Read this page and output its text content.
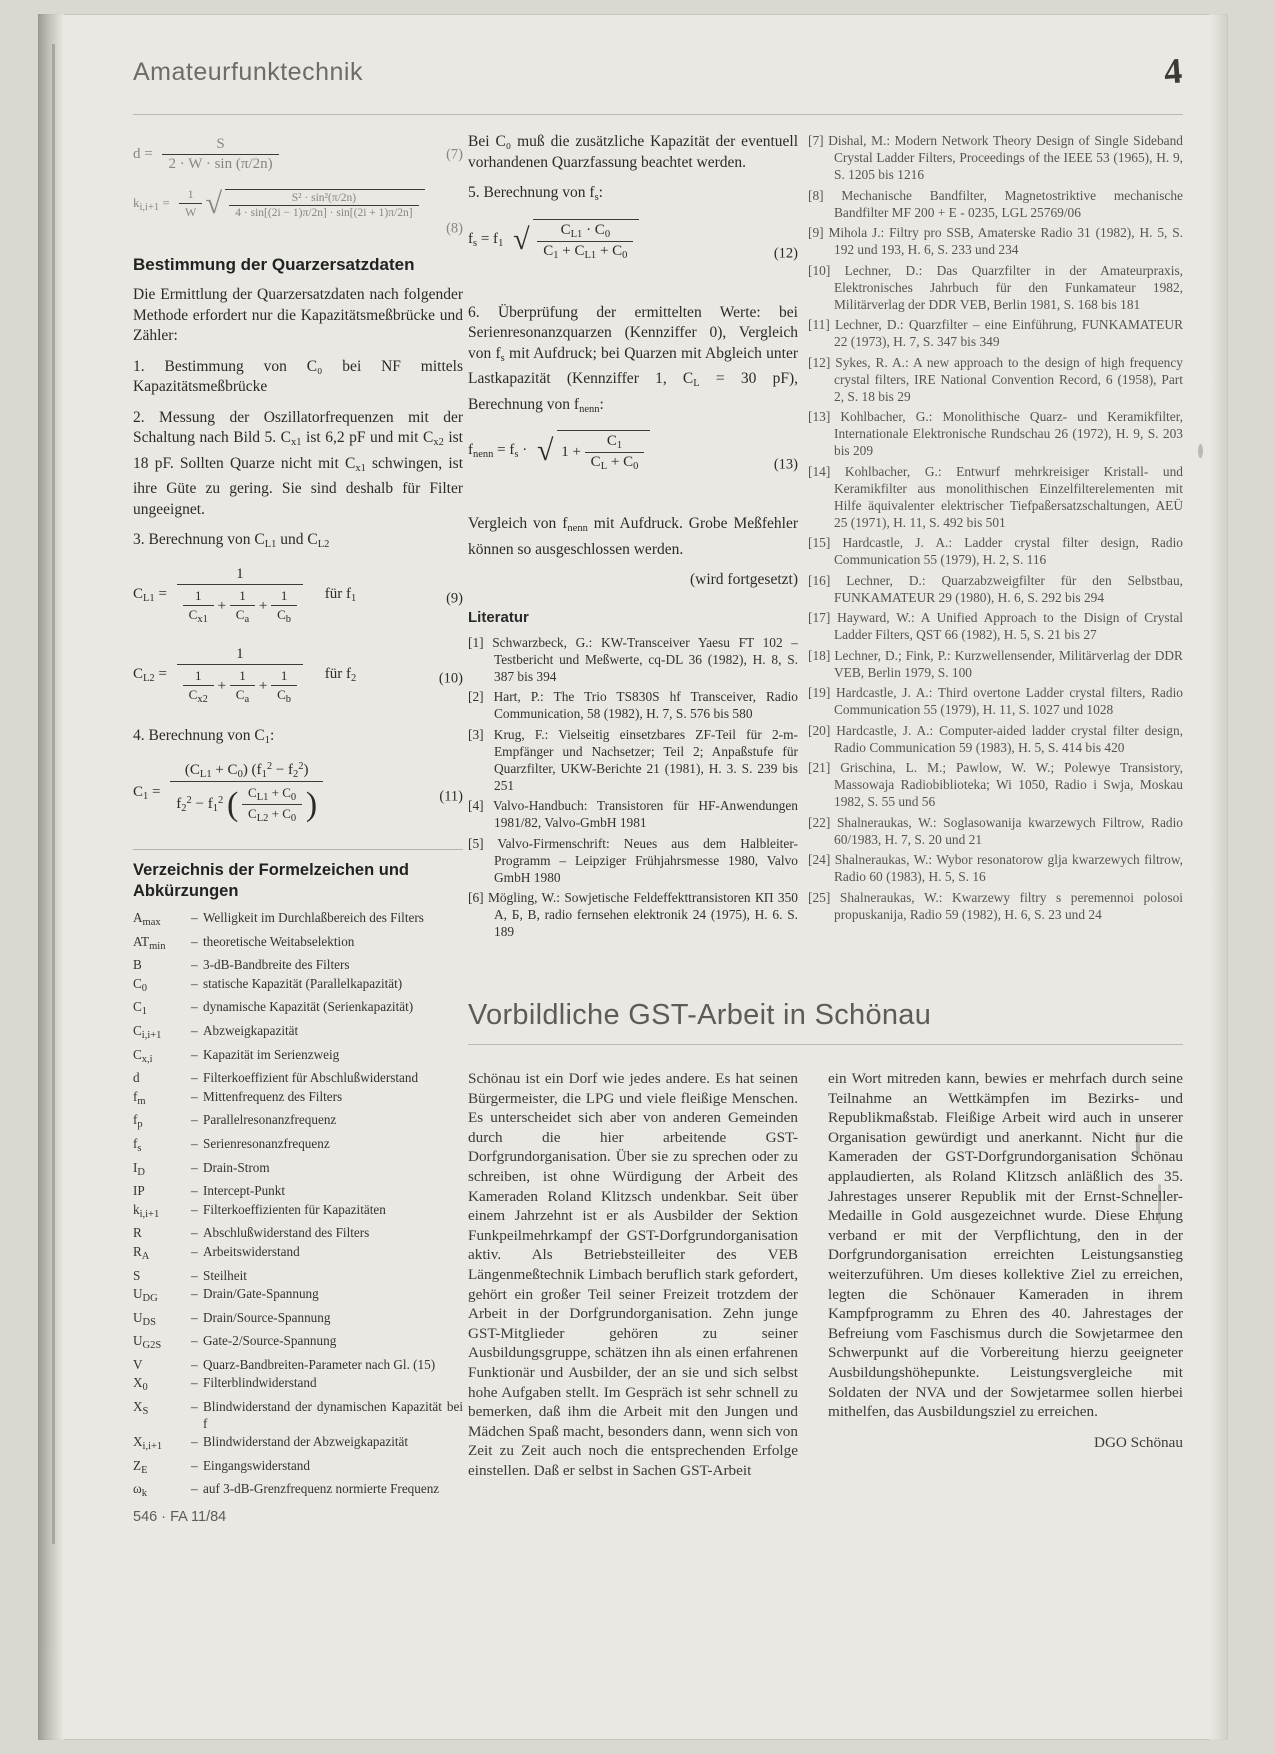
Amateurfunktechnik	4
$d = \frac{S}{2 \cdot W \cdot \sin (\pi/2n)}$	(7)
$k_{i,i+1} = \frac{1}{W}$ √ $\frac{\text{S² · sin²(π/2n)}}{4 \cdot \sin[(2i - 1)\pi/2n] \cdot \sin[(2i + 1)\pi/2n]}$
(8)
Bestimmung der Quarzersatzdaten

Die Ermittlung der Quarzersatzdaten nach folgender Methode erfordert nur die Kapazitätsmeßbrücke und Zähler:

1. Bestimmung von C₀ bei NF mittels Kapazitätsmeßbrücke

2. Messung der Oszillatorfrequenzen mit der Schaltung nach Bild 5. $C_{x1}$ ist 6,2 pF und mit $C_{x2}$ ist 18 pF. Sollten Quarze nicht mit $C_{x1}$ schwingen, ist ihre Güte zu gering. Sie sind deshalb für Filter ungeeignet.

3. Berechnung von $C_{L1}$ und $C_{L2}$

$C_{L1} = \frac{1}{\frac{1}{C_{x1}} + \frac{1}{C_a} + \frac{1}{C_b}}$ für $f_1$	(9)
$C_{L2} = \frac{1}{\frac{1}{C_{x2}} + \frac{1}{C_a} + \frac{1}{C_b}}$ für $f_2$	(10)

4. Berechnung von $C_1$:

$C_1 = \frac{(C_{L1} + C_0) (f_1^2 - f_2^2)}{f_2^2 - f_1^2 ( \frac{C_{L1} + C_0}{C_{L2} + C_0} )}$	(11)
Verzeichnis der Formelzeichen und Abkürzungen
$A_{max}$	–	Welligkeit im Durchlaßbereich des Filters
$AT_{min}$	–	theoretische Weitabselektion
B	–	3-dB-Bandbreite des Filters
$C_0$	–	statische Kapazität (Parallelkapazität)
$C_1$	–	dynamische Kapazität (Serienkapazität)
$C_{i,i+1}$	–	Abzweigkapazität
$C_{x,i}$	–	Kapazität im Serienzweig
d	–	Filterkoeffizient für Abschlußwiderstand
$f_m$	–	Mittenfrequenz des Filters
$f_p$	–	Parallelresonanzfrequenz
$f_s$	–	Serienresonanzfrequenz
$I_D$	–	Drain-Strom
IP	–	Intercept-Punkt
$k_{i,i+1}$	–	Filterkoeffizienten für Kapazitäten
R	–	Abschlußwiderstand des Filters
$R_A$	–	Arbeitswiderstand
S	–	Steilheit
$U_{DG}$	–	Drain/Gate-Spannung
$U_{DS}$	–	Drain/Source-Spannung
$U_{G2S}$	–	Gate-2/Source-Spannung
V	–	Quarz-Bandbreiten-Parameter nach Gl. (15)
$X_0$	–	Filterblindwiderstand
$X_S$	–	Blindwiderstand der dynamischen Kapazität bei f
$X_{i,i+1}$	–	Blindwiderstand der Abzweigkapazität
$Z_E$	–	Eingangswiderstand
$\omega_k$	–	auf 3-dB-Grenzfrequenz normierte Frequenz

Bei C₀ muß die zusätzliche Kapazität der eventuell vorhandenen Quarzfassung beachtet werden.

5. Berechnung von $f_s$:

$f_s = f_1$ √ $\frac{C_{L1} \cdot C_0}{C_1 + C_{L1} + C_0}$	(12)

6. Überprüfung der ermittelten Werte: bei Serienresonanzquarzen (Kennziffer 0), Vergleich von $f_s$ mit Aufdruck; bei Quarzen mit Abgleich unter Lastkapazität (Kennziffer 1, $C_L = 30$ pF), Berechnung von $f_{nenn}$:

$f_{nenn} = f_s$ · √ $1 + \frac{C_1}{C_L + C_0}$	(13)

Vergleich von $f_{nenn}$ mit Aufdruck. Grobe Meßfehler können so ausgeschlossen werden.

(wird fortgesetzt)

Literatur
[1] Schwarzbeck, G.: KW-Transceiver Yaesu FT 102 – Testbericht und Meßwerte, cq-DL 36 (1982), H. 8, S. 387 bis 394
[2] Hart, P.: The Trio TS830S hf Transceiver, Radio Communication, 58 (1982), H. 7, S. 576 bis 580
[3] Krug, F.: Vielseitig einsetzbares ZF-Teil für 2-m-Empfänger und Nachsetzer; Teil 2; Anpaßstufe für Quarzfilter, UKW-Berichte 21 (1981), H. 3. S. 239 bis 251
[4] Valvo-Handbuch: Transistoren für HF-Anwendungen 1981/82, Valvo-GmbH 1981
[5] Valvo-Firmenschrift: Neues aus dem Halbleiter-Programm – Leipziger Frühjahrsmesse 1980, Valvo GmbH 1980
[6] Mögling, W.: Sowjetische Feldeffekttransistoren КП 350 А, Б, В, radio fernsehen elektronik 24 (1975), H. 6. S. 189
[7] Dishal, M.: Modern Network Theory Design of Single Sideband Crystal Ladder Filters, Proceedings of the IEEE 53 (1965), H. 9, S. 1205 bis 1216
[8] Mechanische Bandfilter, Magnetostriktive mechanische Bandfilter MF 200 + E - 0235, LGL 25769/06
[9] Mihola J.: Filtry pro SSB, Amaterske Radio 31 (1982), H. 5, S. 192 und 193, H. 6, S. 233 und 234
[10] Lechner, D.: Das Quarzfilter in der Amateurpraxis, Elektronisches Jahrbuch für den Funkamateur 1982, Militärverlag der DDR VEB, Berlin 1981, S. 168 bis 181
[11] Lechner, D.: Quarzfilter – eine Einführung, FUNKAMATEUR 22 (1973), H. 7, S. 347 bis 349
[12] Sykes, R. A.: A new approach to the design of high frequency crystal filters, IRE National Convention Record, 6 (1958), Part 2, S. 18 bis 29
[13] Kohlbacher, G.: Monolithische Quarz- und Keramikfilter, Internationale Elektronische Rundschau 26 (1972), H. 9, S. 203 bis 209
[14] Kohlbacher, G.: Entwurf mehrkreisiger Kristall- und Keramikfilter aus monolithischen Einzelfilterelementen mit Hilfe äquivalenter elektrischer Tiefpaßersatzschaltungen, AEÜ 25 (1971), H. 11, S. 492 bis 501
[15] Hardcastle, J. A.: Ladder crystal filter design, Radio Communication 55 (1979), H. 2, S. 116
[16] Lechner, D.: Quarzabzweigfilter für den Selbstbau, FUNKAMATEUR 29 (1980), H. 6, S. 292 bis 294
[17] Hayward, W.: A Unified Approach to the Disign of Crystal Ladder Filters, QST 66 (1982), H. 5, S. 21 bis 27
[18] Lechner, D.; Fink, P.: Kurzwellensender, Militärverlag der DDR VEB, Berlin 1979, S. 100
[19] Hardcastle, J. A.: Third overtone Ladder crystal filters, Radio Communication 55 (1979), H. 11, S. 1027 und 1028
[20] Hardcastle, J. A.: Computer-aided ladder crystal filter design, Radio Communication 59 (1983), H. 5, S. 414 bis 420
[21] Grischina, L. M.; Pawlow, W. W.; Polewye Transistory, Massowaja Radiobiblioteka; Wi 1050, Radio i Swja, Moskau 1982, S. 55 und 56
[22] Shalneraukas, W.: Soglasowanija kwarzewych Filtrow, Radio 60/1983, H. 7, S. 20 und 21
[24] Shalneraukas, W.: Wybor resonatorow glja kwarzewych filtrow, Radio 60 (1983), H. 5, S. 16
[25] Shalneraukas, W.: Kwarzewy filtry s peremennoi polosoi propuskanija, Radio 59 (1982), H. 6, S. 23 und 24
Vorbildliche GST-Arbeit in Schönau

Schönau ist ein Dorf wie jedes andere. Es hat seinen Bürgermeister, die LPG und viele fleißige Menschen. Es unterscheidet sich aber von anderen Gemeinden durch die hier arbeitende GST-Dorfgrundorganisation. Über sie zu sprechen oder zu schreiben, ist ohne Würdigung der Arbeit des Kameraden Roland Klitzsch undenkbar. Seit über einem Jahrzehnt ist er als Ausbilder der Sektion Funkpeilmehrkampf der GST-Dorfgrundorganisation aktiv. Als Betriebsteilleiter des VEB Längenmeßtechnik Limbach beruflich stark gefordert, gehört ein großer Teil seiner Freizeit trotzdem der Arbeit in der Dorfgrundorganisation. Zehn junge GST-Mitglieder gehören zu seiner Ausbildungsgruppe, schätzen ihn als einen erfahrenen Funktionär und Ausbilder, der an sie und sich selbst hohe Aufgaben stellt. Im Gespräch ist sehr schnell zu bemerken, daß ihm die Arbeit mit den Jungen und Mädchen Spaß macht, besonders dann, wenn sich von Zeit zu Zeit auch noch die entsprechenden Erfolge einstellen. Daß er selbst in Sachen GST-Arbeit

ein Wort mitreden kann, bewies er mehrfach durch seine Teilnahme an Wettkämpfen im Bezirks- und Republikmaßstab. Fleißige Arbeit wird auch in unserer Organisation gewürdigt und anerkannt. Nicht nur die Kameraden der GST-Dorfgrundorganisation Schönau applaudierten, als Roland Klitzsch anläßlich des 35. Jahrestages unserer Republik mit der Ernst-Schneller-Medaille in Gold ausgezeichnet wurde. Diese Ehrung verband er mit der Verpflichtung, den in der Dorfgrundorganisation erreichten Leistungsanstieg weiterzuführen. Um dieses kollektive Ziel zu erreichen, legten die Schönauer Kameraden in ihrem Kampfprogramm zu Ehren des 40. Jahrestages der Befreiung vom Faschismus durch die Sowjetarmee den Schwerpunkt auf die Vorbereitung hierzu geeigneter Ausbildungshöhepunkte. Leistungsvergleiche mit Soldaten der NVA und der Sowjetarmee sollen hierbei mithelfen, das Ausbildungsziel zu erreichen.

DGO Schönau
546 · FA 11/84
